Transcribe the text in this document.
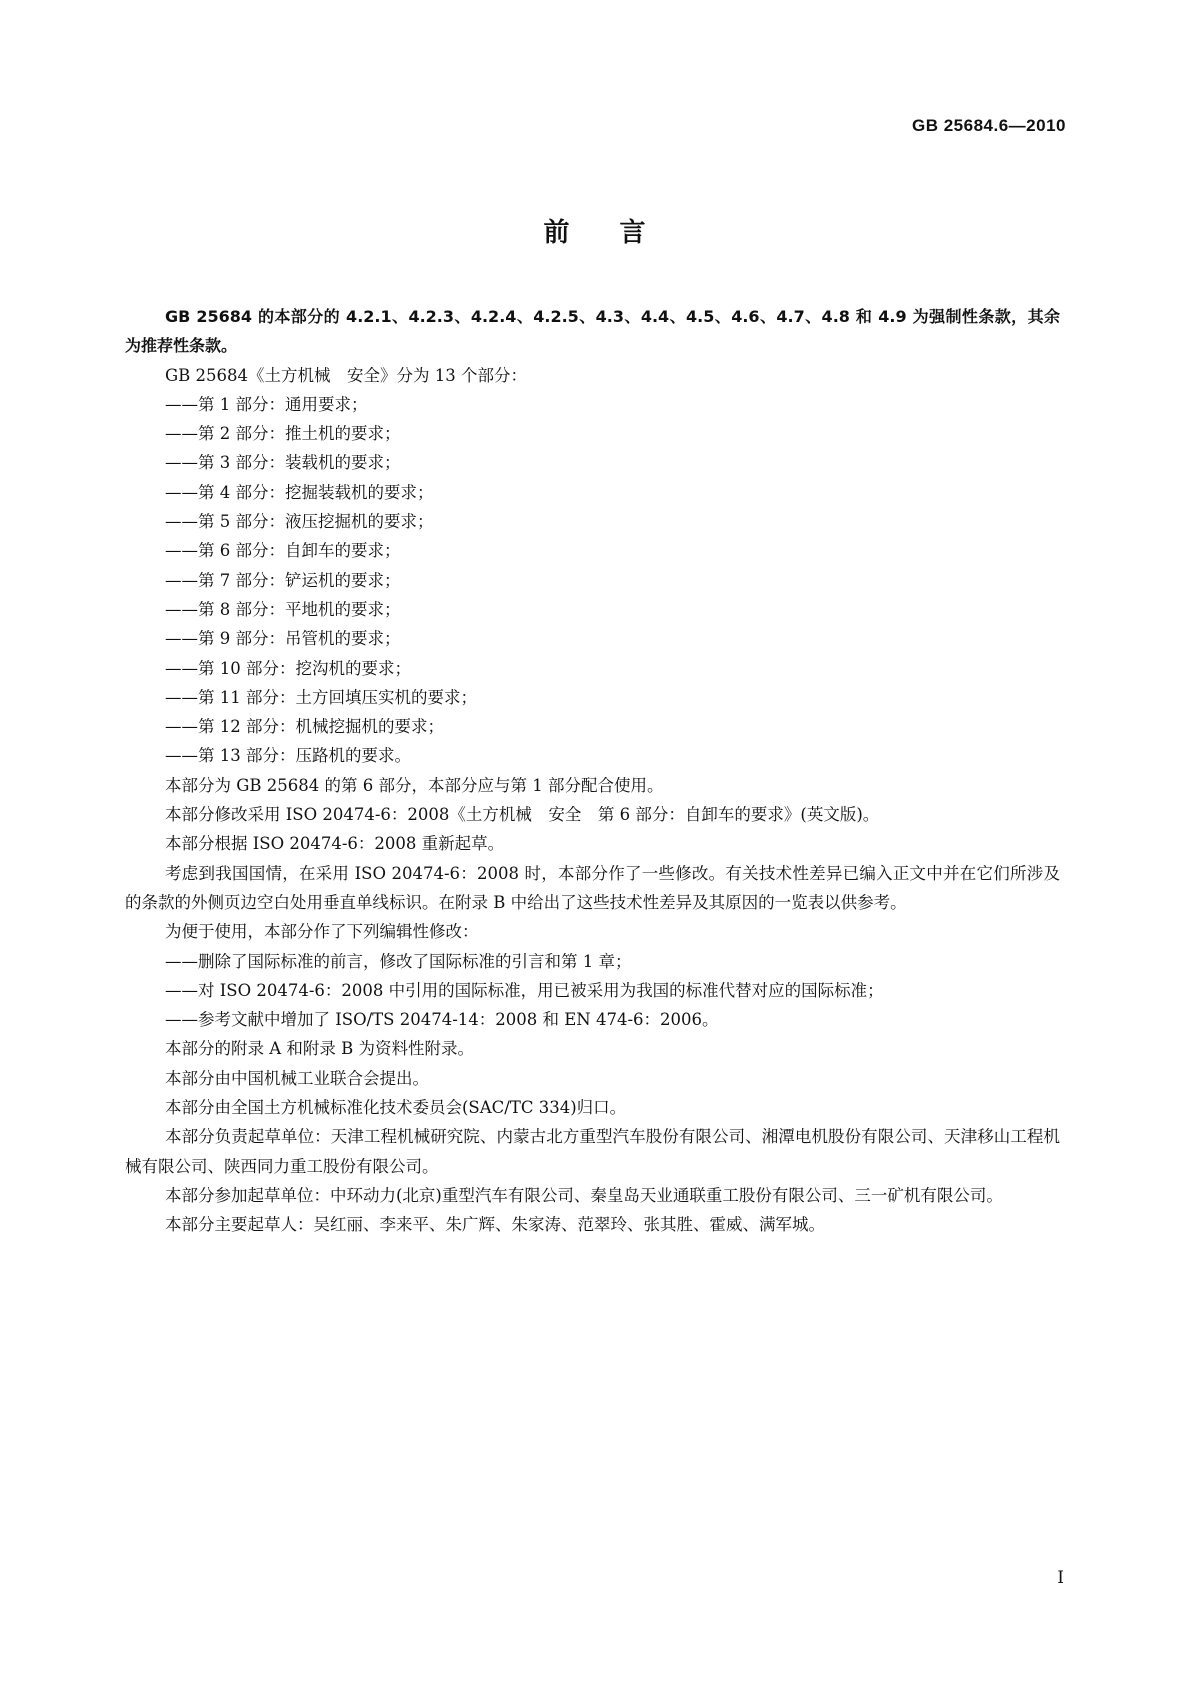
GB 25684.6—2010
前 言

GB 25684 的本部分的 4.2.1、4.2.3、4.2.4、4.2.5、4.3、4.4、4.5、4.6、4.7、4.8 和 4.9 为强制性条款，其余为推荐性条款。

GB 25684《土方机械　安全》分为 13 个部分：

——第 1 部分：通用要求；

——第 2 部分：推土机的要求；

——第 3 部分：装载机的要求；

——第 4 部分：挖掘装载机的要求；

——第 5 部分：液压挖掘机的要求；

——第 6 部分：自卸车的要求；

——第 7 部分：铲运机的要求；

——第 8 部分：平地机的要求；

——第 9 部分：吊管机的要求；

——第 10 部分：挖沟机的要求；

——第 11 部分：土方回填压实机的要求；

——第 12 部分：机械挖掘机的要求；

——第 13 部分：压路机的要求。

本部分为 GB 25684 的第 6 部分，本部分应与第 1 部分配合使用。

本部分修改采用 ISO 20474-6：2008《土方机械　安全　第 6 部分：自卸车的要求》(英文版)。

本部分根据 ISO 20474-6：2008 重新起草。

考虑到我国国情，在采用 ISO 20474-6：2008 时，本部分作了一些修改。有关技术性差异已编入正文中并在它们所涉及的条款的外侧页边空白处用垂直单线标识。在附录 B 中给出了这些技术性差异及其原因的一览表以供参考。

为便于使用，本部分作了下列编辑性修改：

——删除了国际标准的前言，修改了国际标准的引言和第 1 章；

——对 ISO 20474-6：2008 中引用的国际标准，用已被采用为我国的标准代替对应的国际标准；

——参考文献中增加了 ISO/TS 20474-14：2008 和 EN 474-6：2006。

本部分的附录 A 和附录 B 为资料性附录。

本部分由中国机械工业联合会提出。

本部分由全国土方机械标准化技术委员会(SAC/TC 334)归口。

本部分负责起草单位：天津工程机械研究院、内蒙古北方重型汽车股份有限公司、湘潭电机股份有限公司、天津移山工程机械有限公司、陕西同力重工股份有限公司。

本部分参加起草单位：中环动力(北京)重型汽车有限公司、秦皇岛天业通联重工股份有限公司、三一矿机有限公司。

本部分主要起草人：吴红丽、李来平、朱广辉、朱家涛、范翠玲、张其胜、霍威、满军城。

I
